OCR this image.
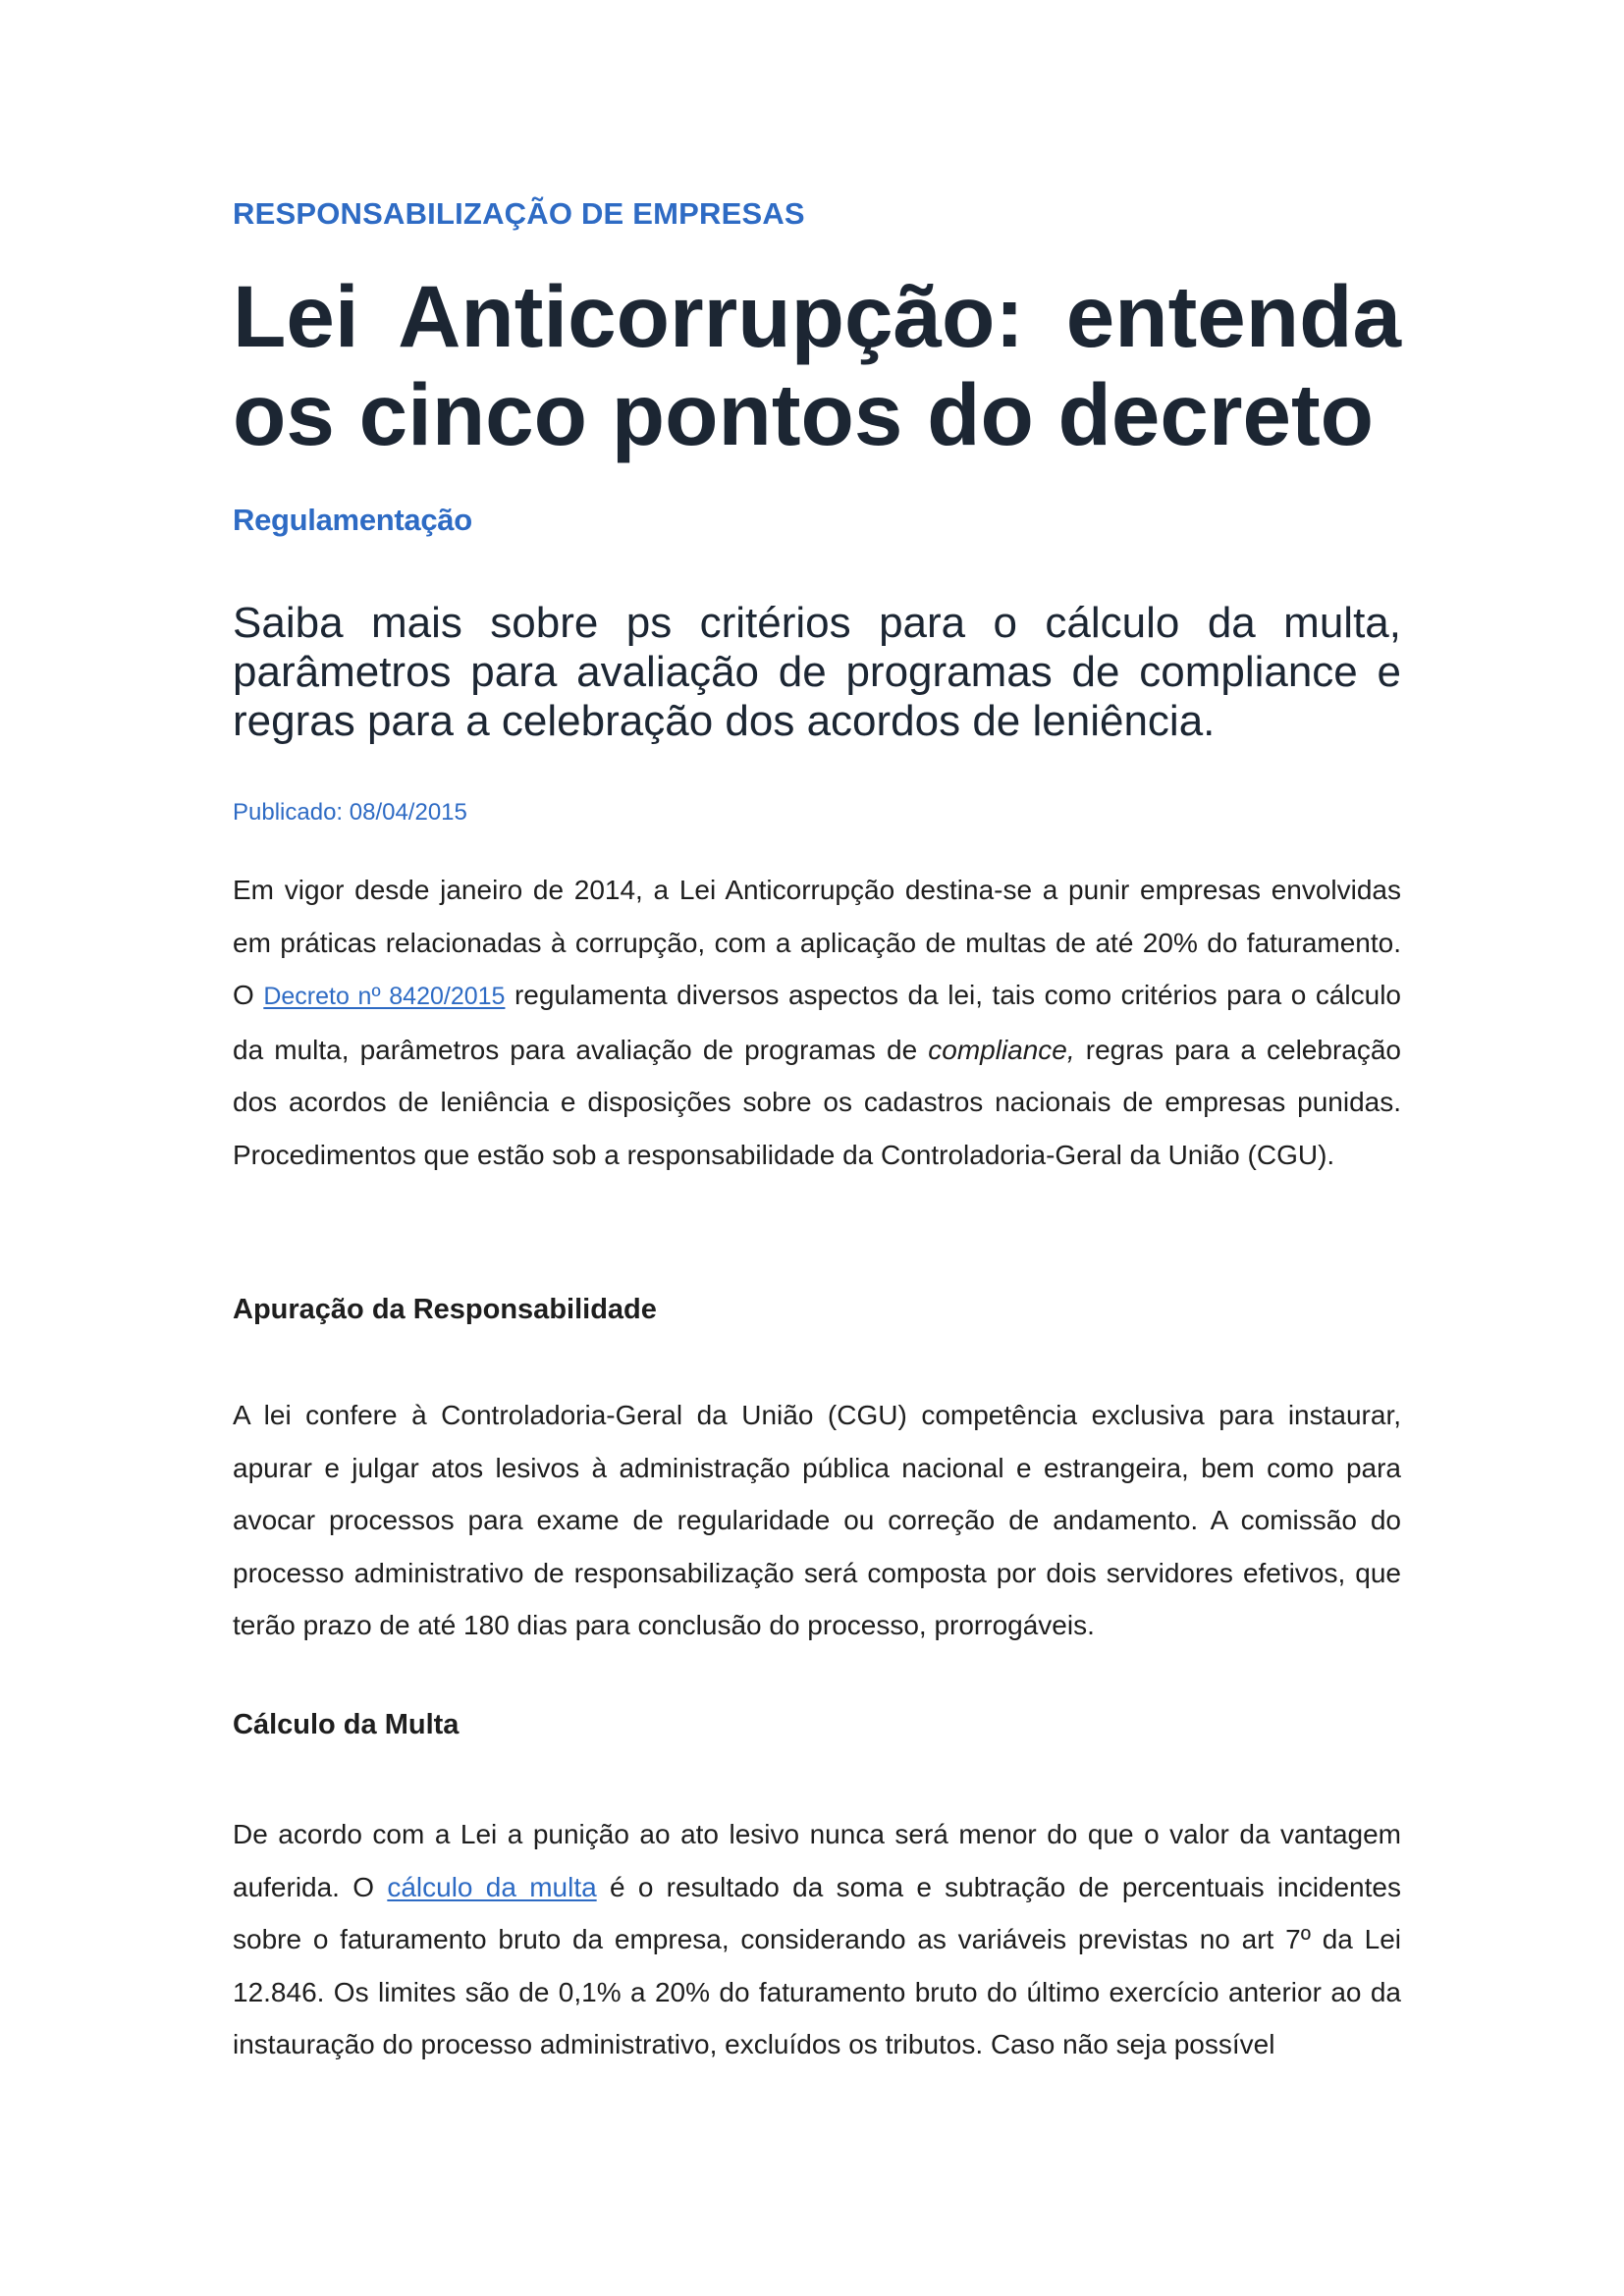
RESPONSABILIZAÇÃO DE EMPRESAS

Lei Anticorrupção: entenda os cinco pontos do decreto

Regulamentação

Saiba mais sobre ps critérios para o cálculo da multa, parâmetros para avaliação de programas de compliance e regras para a celebração dos acordos de leniência.

Publicado: 08/04/2015

Em vigor desde janeiro de 2014, a Lei Anticorrupção destina-se a punir empresas envolvidas em práticas relacionadas à corrupção, com a aplicação de multas de até 20% do faturamento. O Decreto nº 8420/2015 regulamenta diversos aspectos da lei, tais como critérios para o cálculo da multa, parâmetros para avaliação de programas de compliance, regras para a celebração dos acordos de leniência e disposições sobre os cadastros nacionais de empresas punidas. Procedimentos que estão sob a responsabilidade da Controladoria-Geral da União (CGU).

Apuração da Responsabilidade

A lei confere à Controladoria-Geral da União (CGU) competência exclusiva para instaurar, apurar e julgar atos lesivos à administração pública nacional e estrangeira, bem como para avocar processos para exame de regularidade ou correção de andamento. A comissão do processo administrativo de responsabilização será composta por dois servidores efetivos, que terão prazo de até 180 dias para conclusão do processo, prorrogáveis.

Cálculo da Multa

De acordo com a Lei a punição ao ato lesivo nunca será menor do que o valor da vantagem auferida. O cálculo da multa é o resultado da soma e subtração de percentuais incidentes sobre o faturamento bruto da empresa, considerando as variáveis previstas no art 7º da Lei 12.846. Os limites são de 0,1% a 20% do faturamento bruto do último exercício anterior ao da instauração do processo administrativo, excluídos os tributos. Caso não seja possível
